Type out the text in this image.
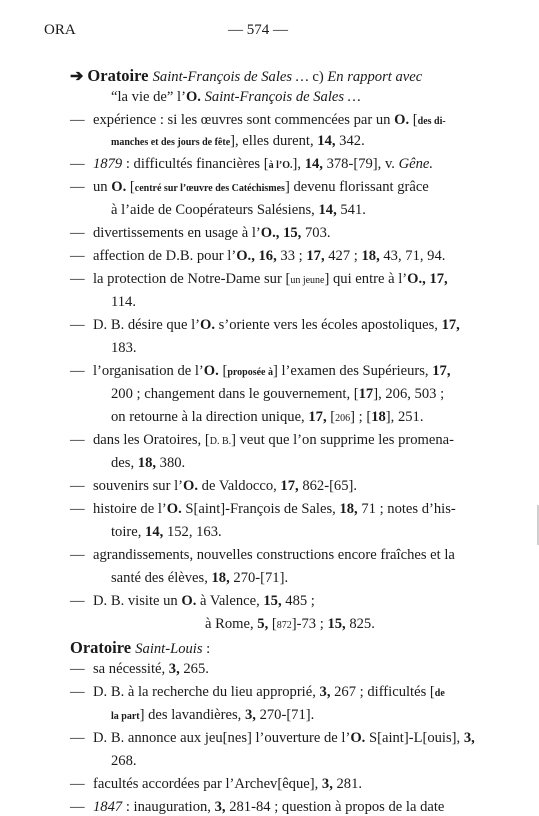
ORA	— 574 —
➔ Oratoire Saint-François de Sales … c) En rapport avec
“la vie de” l’O. Saint-François de Sales …
— expérience : si les œuvres sont commencées par un O. [des di-
manches et des jours de fête], elles durent, 14, 342.
— 1879 : difficultés financières [à l’O.], 14, 378-[79], v. Gêne.
— un O. [centré sur l’œuvre des Catéchismes] devenu florissant grâce
à l’aide de Coopérateurs Salésiens, 14, 541.
— divertissements en usage à l’O., 15, 703.
— affection de D.B. pour l’O., 16, 33 ; 17, 427 ; 18, 43, 71, 94.
— la protection de Notre-Dame sur [un jeune] qui entre à l’O., 17,
114.
— D. B. désire que l’O. s’oriente vers les écoles apostoliques, 17,
183.
— l’organisation de l’O. [proposée à] l’examen des Supérieurs, 17,
200 ; changement dans le gouvernement, [17], 206, 503 ;
on retourne à la direction unique, 17, [206] ; [18], 251.
— dans les Oratoires, [D. B.] veut que l’on supprime les promena-
des, 18, 380.
— souvenirs sur l’O. de Valdocco, 17, 862-[65].
— histoire de l’O. S[aint]-François de Sales, 18, 71 ; notes d’his-
toire, 14, 152, 163.
— agrandissements, nouvelles constructions encore fraîches et la
santé des élèves, 18, 270-[71].
— D. B. visite un O. à Valence, 15, 485 ;
à Rome, 5, [872]-73 ; 15, 825.
Oratoire Saint-Louis :
— sa nécessité, 3, 265.
— D. B. à la recherche du lieu approprié, 3, 267 ; difficultés [de
la part] des lavandières, 3, 270-[71].
— D. B. annonce aux jeu[nes] l’ouverture de l’O. S[aint]-L[ouis], 3,
268.
— facultés accordées par l’Archev[êque], 3, 281.
— 1847 : inauguration, 3, 281-84 ; question à propos de la date
